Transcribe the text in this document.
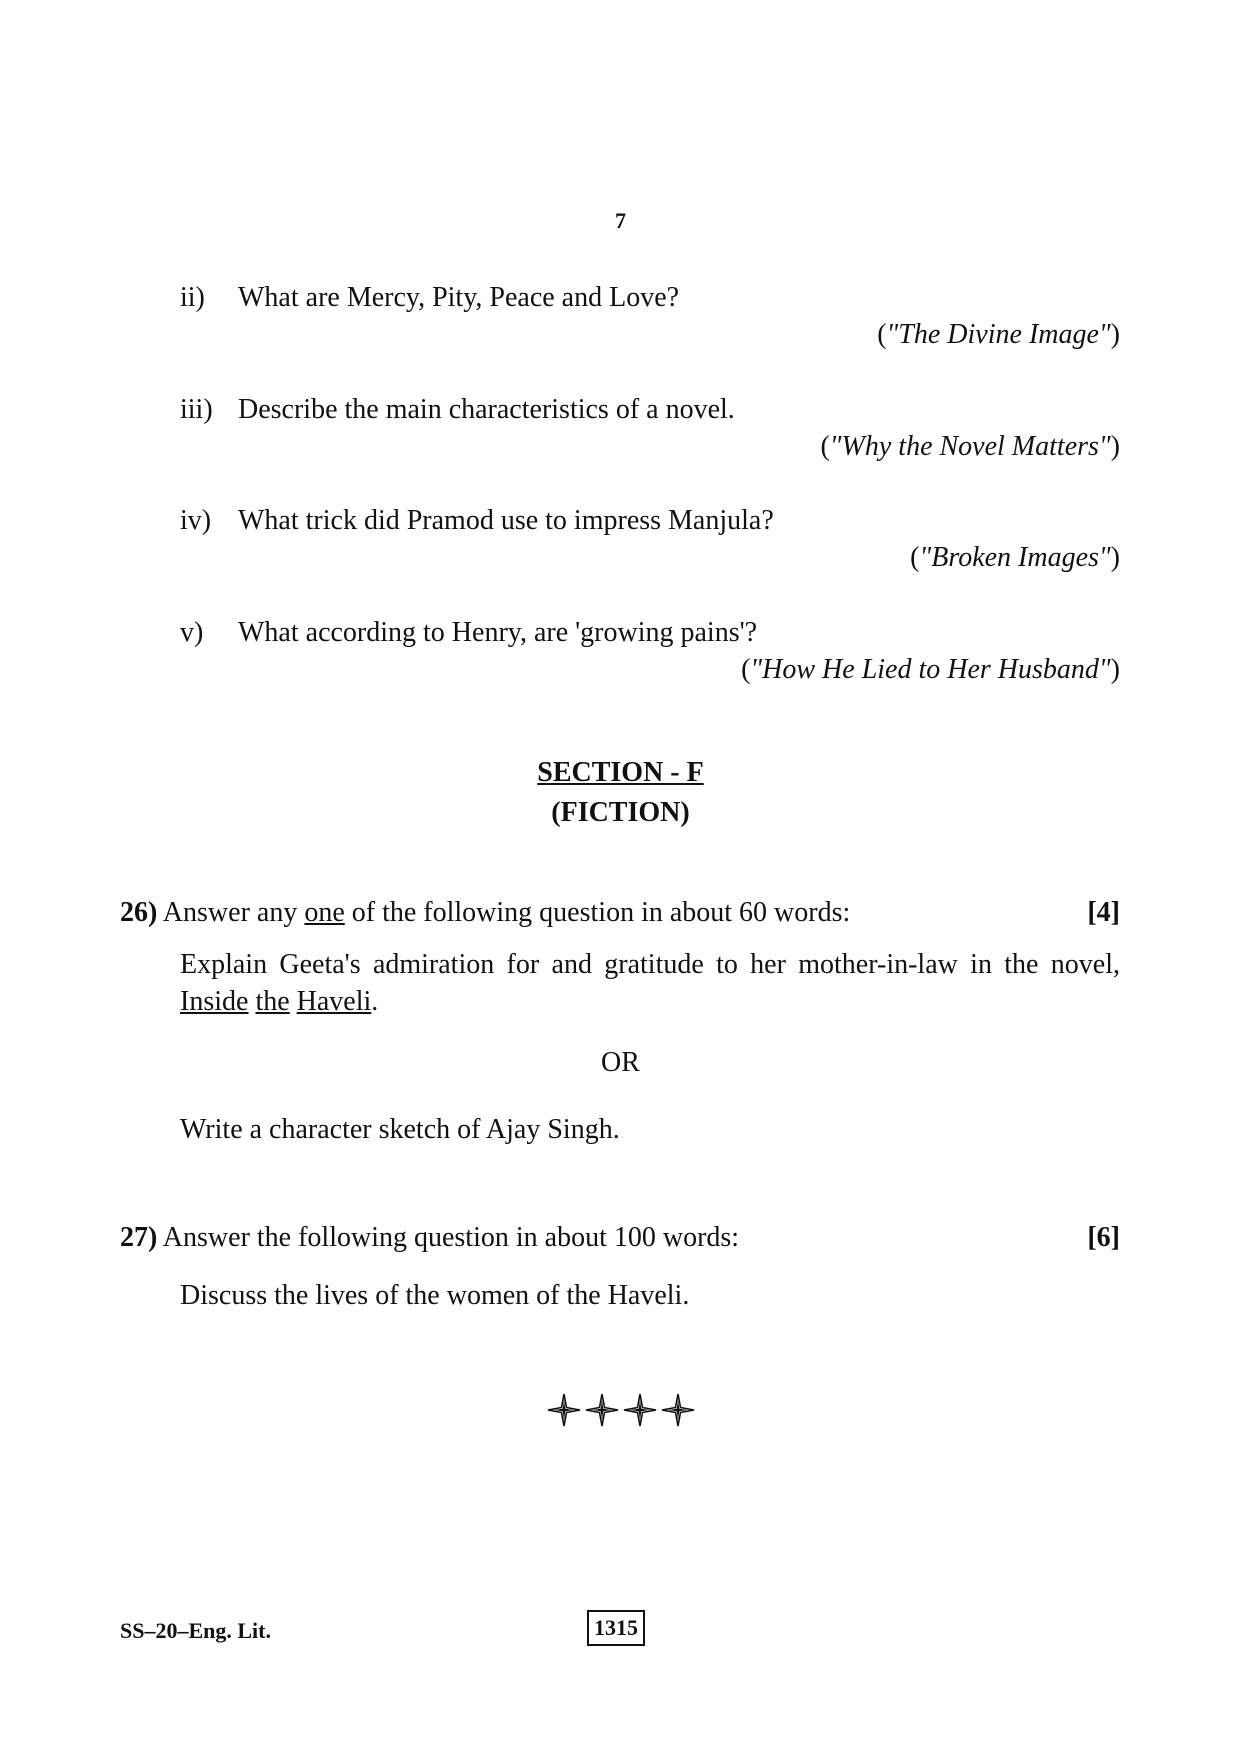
7
ii) What are Mercy, Pity, Peace and Love?
("The Divine Image")
iii) Describe the main characteristics of a novel.
("Why the Novel Matters")
iv) What trick did Pramod use to impress Manjula?
("Broken Images")
v) What according to Henry, are 'growing pains'?
("How He Lied to Her Husband")
SECTION - F
(FICTION)
26) Answer any one of the following question in about 60 words:	[4]
Explain Geeta's admiration for and gratitude to her mother-in-law in the novel, Inside the Haveli.
OR
Write a character sketch of Ajay Singh.
27) Answer the following question in about 100 words:	[6]
Discuss the lives of the women of the Haveli.
SS–20–Eng. Lit.	1315
